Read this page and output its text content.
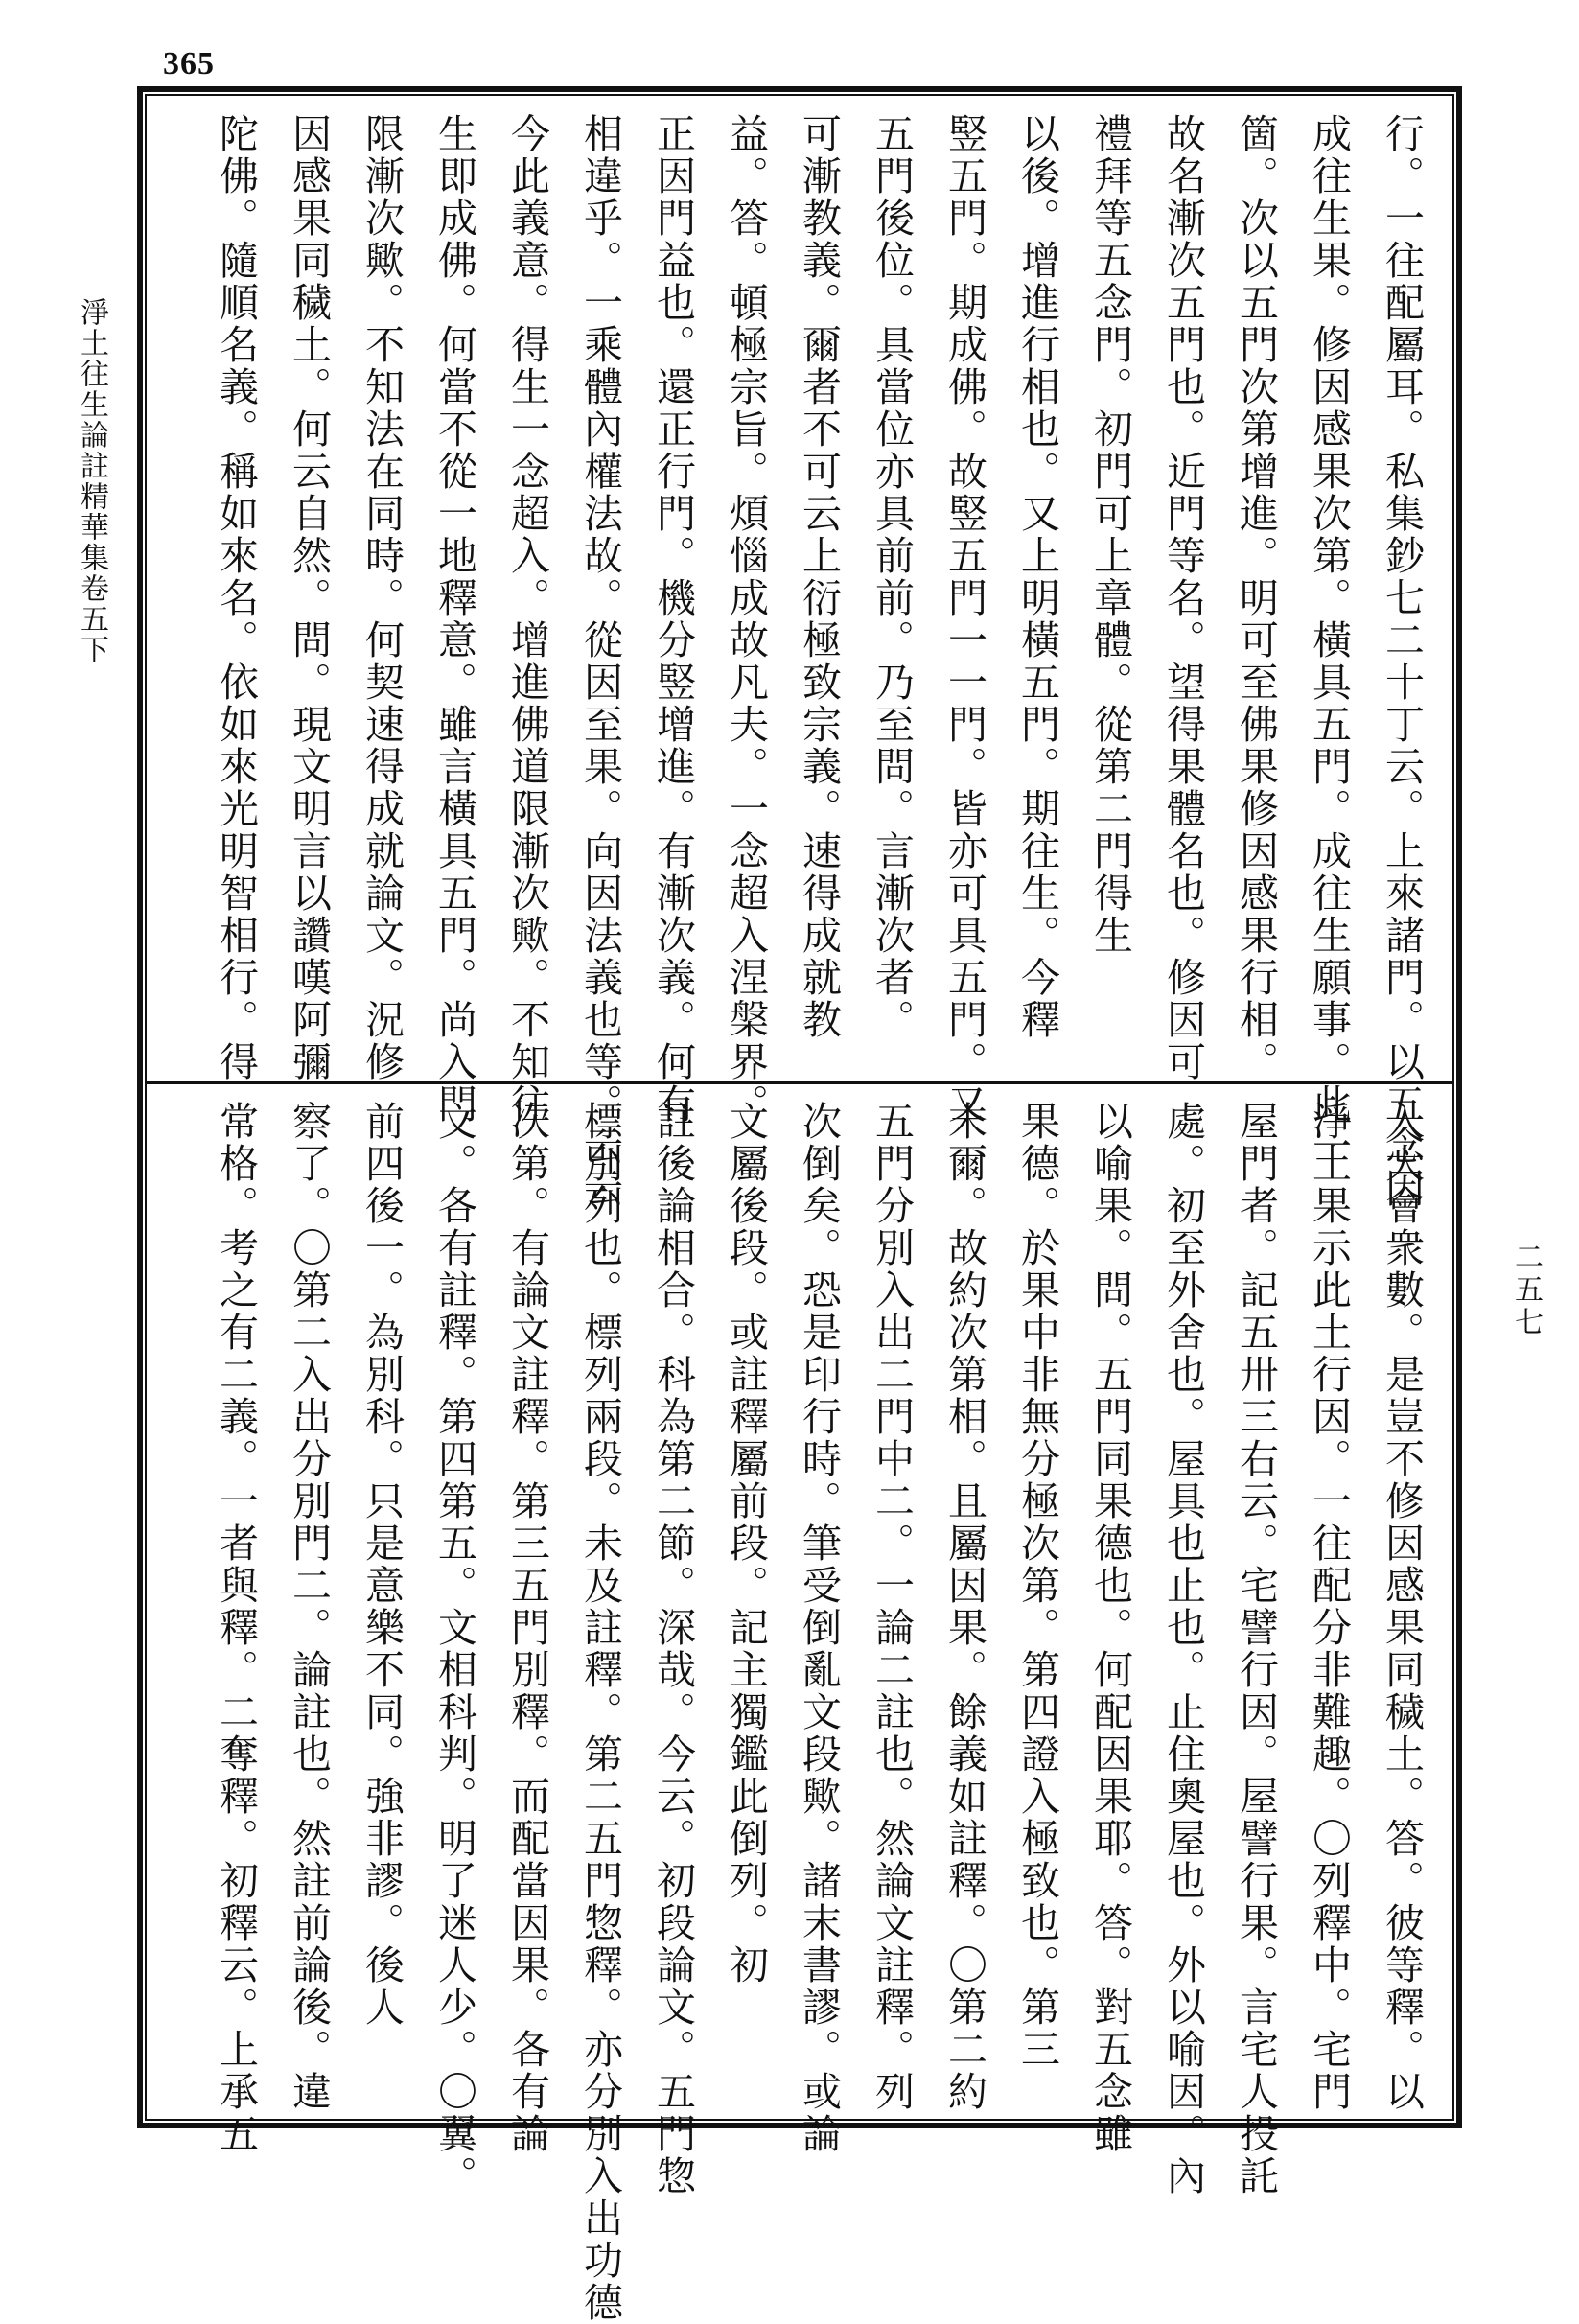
365
淨土往生論註精華集卷五下
二五七
行。一往配屬耳。私集鈔七二十丁云。上來諸門。以五念因
成往生果。修因感果次第。橫具五門。成往生願事。此一
箇。次以五門次第增進。明可至佛果修因感果行相。
故名漸次五門也。近門等名。望得果體名也。修因可
禮拜等五念門。初門可上章體。從第二門得生
以後。增進行相也。又上明橫五門。期往生。今釋
竪五門。期成佛。故竪五門一一門。皆亦可具五門。又
五門後位。具當位亦具前前。乃至問。言漸次者。
可漸教義。爾者不可云上衍極致宗義。速得成就教
益。答。頓極宗旨。煩惱成故凡夫。一念超入涅槃界。
正因門益也。還正行門。機分竪增進。有漸次義。何有
相違乎。一乘體內權法故。從因至果。向因法義也等。云云
今此義意。得生一念超入。增進佛道限漸次歟。不知往
生即成佛。何當不從一地釋意。雖言橫具五門。尚入門
限漸次歟。不知法在同時。何契速得成就論文。況修
因感果同穢土。何云自然。問。現文明言以讚嘆阿彌
陀佛。隨順名義。稱如來名。依如來光明智相行。得
入大會衆數。是豈不修因感果同穢土。答。彼等釋。以
淨土果示此土行因。一往配分非難趣。〇列釋中。宅門
屋門者。記五卅三右云。宅譬行因。屋譬行果。言宅人投託
處。初至外舍也。屋具也止也。止住奧屋也。外以喻因。內
以喻果。問。五門同果德也。何配因果耶。答。對五念雖
果德。於果中非無分極次第。第四證入極致也。第三
末爾。故約次第相。且屬因果。餘義如註釋。〇第二約
五門分別入出二門中二。一論二註也。然論文註釋。列
次倒矣。恐是印行時。筆受倒亂文段歟。諸末書謬。或論
文屬後段。或註釋屬前段。記主獨鑑此倒列。初
註後論相合。科為第二節。深哉。今云。初段論文。五門惣
標別列也。標列兩段。未及註釋。第二五門惣釋。亦分別入出功德
次第。有論文註釋。第三五門別釋。而配當因果。各有論
文。各有註釋。第四第五。文相科判。明了迷人少。〇翼。
前四後一。為別科。只是意樂不同。強非謬。後人
察了。〇第二入出分別門二。論註也。然註前論後。違
常格。考之有二義。一者與釋。二奪釋。初釋云。上承五
